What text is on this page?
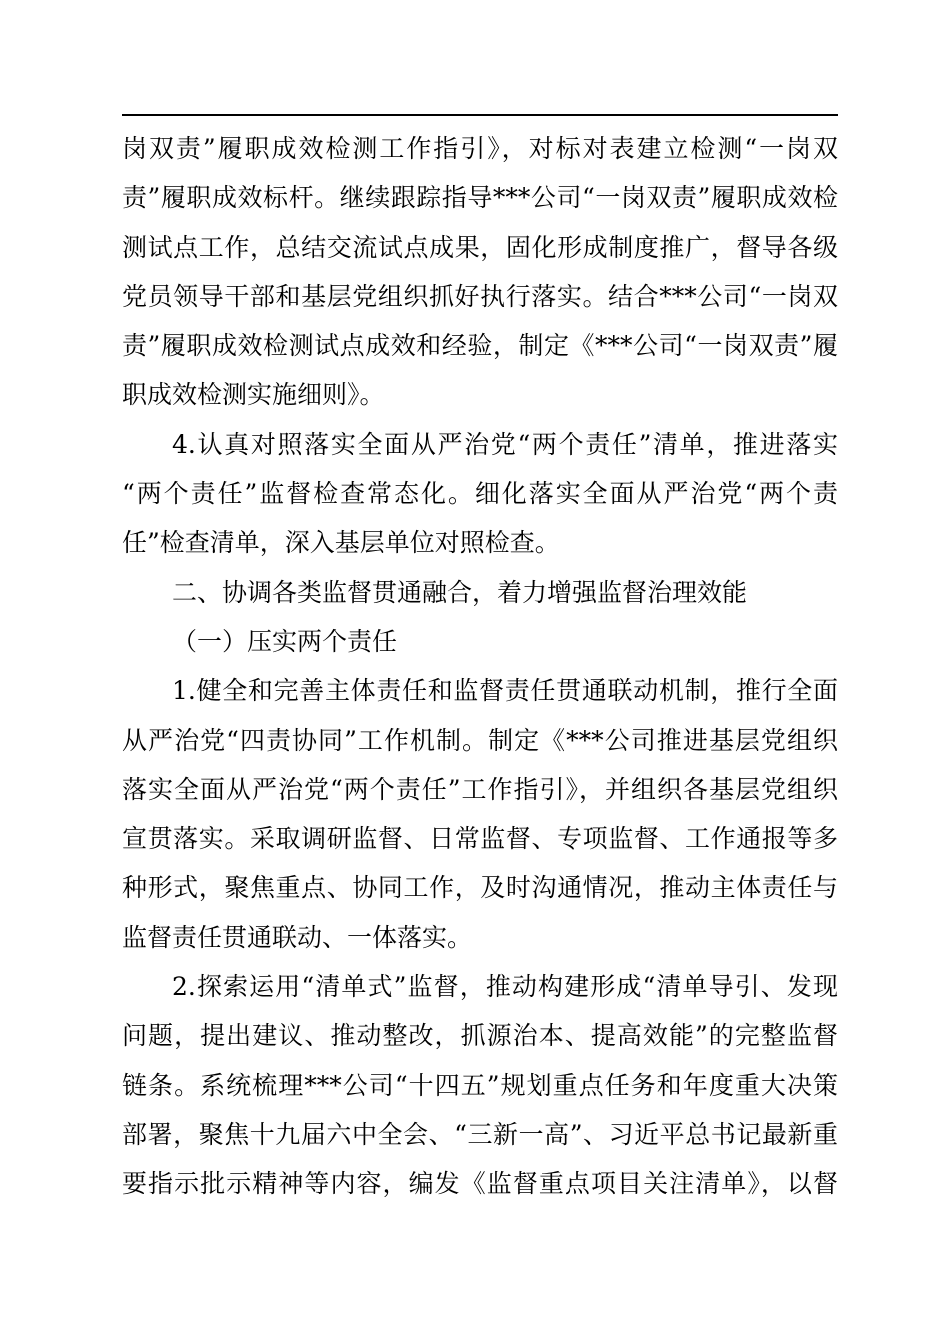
岗双责”履职成效检测工作指引》，对标对表建立检测“一岗双
责”履职成效标杆。继续跟踪指导***公司“一岗双责”履职成效检
测试点工作，总结交流试点成果，固化形成制度推广，督导各级
党员领导干部和基层党组织抓好执行落实。结合***公司“一岗双
责”履职成效检测试点成效和经验，制定《***公司“一岗双责”履
职成效检测实施细则》。
4.认真对照落实全面从严治党“两个责任”清单，推进落实
“两个责任”监督检查常态化。细化落实全面从严治党“两个责
任”检查清单，深入基层单位对照检查。
二、协调各类监督贯通融合，着力增强监督治理效能
（一）压实两个责任
1.健全和完善主体责任和监督责任贯通联动机制，推行全面
从严治党“四责协同”工作机制。制定《***公司推进基层党组织
落实全面从严治党“两个责任”工作指引》，并组织各基层党组织
宣贯落实。采取调研监督、日常监督、专项监督、工作通报等多
种形式，聚焦重点、协同工作，及时沟通情况，推动主体责任与
监督责任贯通联动、一体落实。
2.探索运用“清单式”监督，推动构建形成“清单导引、发现
问题，提出建议、推动整改，抓源治本、提高效能”的完整监督
链条。系统梳理***公司“十四五”规划重点任务和年度重大决策
部署，聚焦十九届六中全会、“三新一高”、习近平总书记最新重
要指示批示精神等内容，编发《监督重点项目关注清单》，以督
